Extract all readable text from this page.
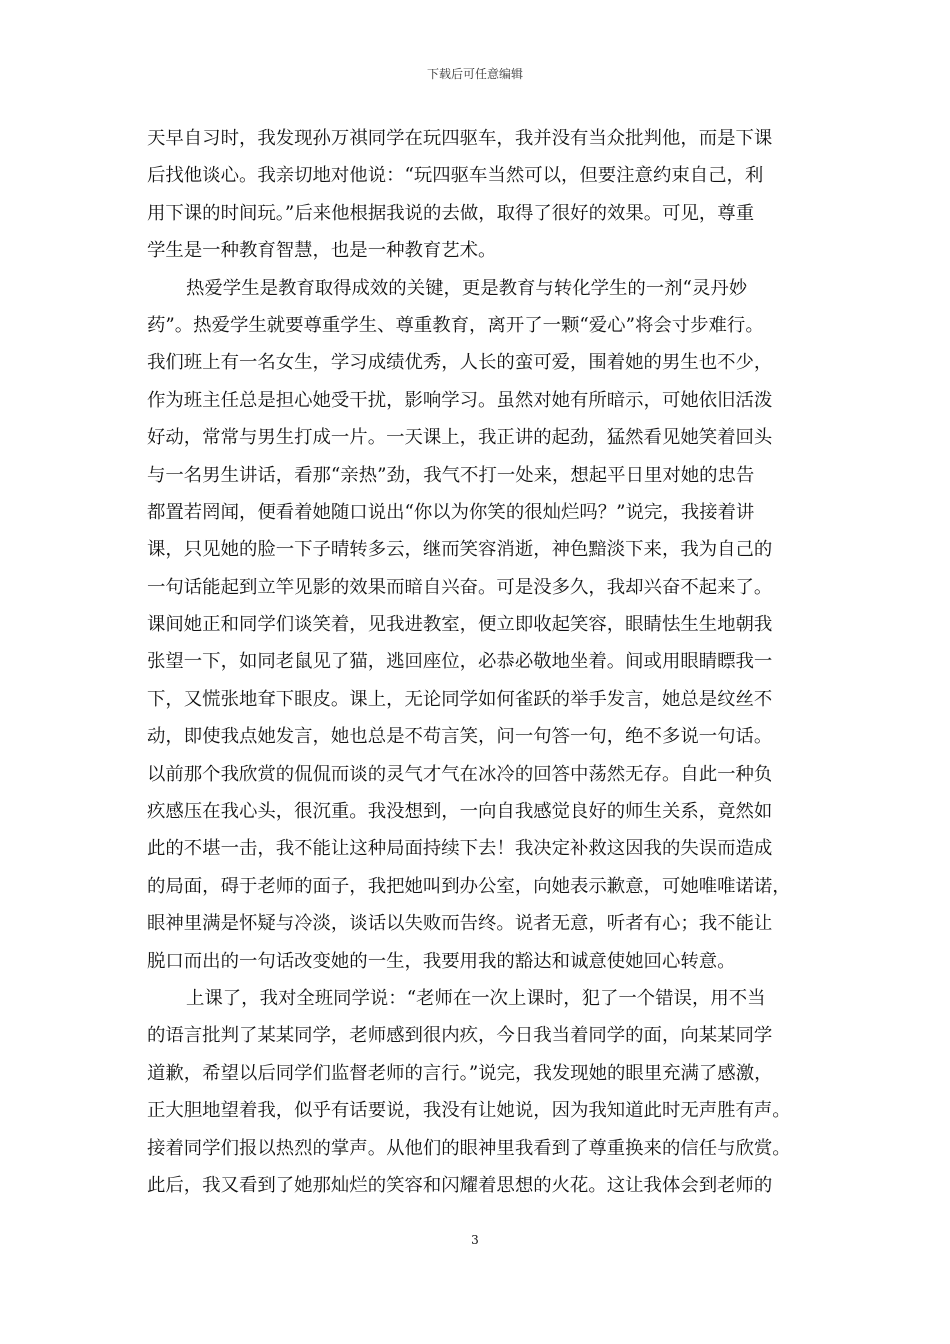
下载后可任意编辑
天早自习时，我发现孙万祺同学在玩四驱车，我并没有当众批判他，而是下课
后找他谈心。我亲切地对他说：“玩四驱车当然可以，但要注意约束自己，利
用下课的时间玩。”后来他根据我说的去做，取得了很好的效果。可见，尊重
学生是一种教育智慧，也是一种教育艺术。
热爱学生是教育取得成效的关键，更是教育与转化学生的一剂“灵丹妙
药”。热爱学生就要尊重学生、尊重教育，离开了一颗“爱心”将会寸步难行。
我们班上有一名女生，学习成绩优秀，人长的蛮可爱，围着她的男生也不少，
作为班主任总是担心她受干扰，影响学习。虽然对她有所暗示，可她依旧活泼
好动，常常与男生打成一片。一天课上，我正讲的起劲，猛然看见她笑着回头
与一名男生讲话，看那“亲热”劲，我气不打一处来，想起平日里对她的忠告
都置若罔闻，便看着她随口说出“你以为你笑的很灿烂吗？”说完，我接着讲
课，只见她的脸一下子晴转多云，继而笑容消逝，神色黯淡下来，我为自己的
一句话能起到立竿见影的效果而暗自兴奋。可是没多久，我却兴奋不起来了。
课间她正和同学们谈笑着，见我进教室，便立即收起笑容，眼睛怯生生地朝我
张望一下，如同老鼠见了猫，逃回座位，必恭必敬地坐着。间或用眼睛瞟我一
下，又慌张地耷下眼皮。课上，无论同学如何雀跃的举手发言，她总是纹丝不
动，即使我点她发言，她也总是不苟言笑，问一句答一句，绝不多说一句话。
以前那个我欣赏的侃侃而谈的灵气才气在冰冷的回答中荡然无存。自此一种负
疚感压在我心头，很沉重。我没想到，一向自我感觉良好的师生关系，竟然如
此的不堪一击，我不能让这种局面持续下去！我决定补救这因我的失误而造成
的局面，碍于老师的面子，我把她叫到办公室，向她表示歉意，可她唯唯诺诺，
眼神里满是怀疑与冷淡，谈话以失败而告终。说者无意，听者有心；我不能让
脱口而出的一句话改变她的一生，我要用我的豁达和诚意使她回心转意。
上课了，我对全班同学说：“老师在一次上课时，犯了一个错误，用不当
的语言批判了某某同学，老师感到很内疚，今日我当着同学的面，向某某同学
道歉，希望以后同学们监督老师的言行。”说完，我发现她的眼里充满了感激，
正大胆地望着我，似乎有话要说，我没有让她说，因为我知道此时无声胜有声。
接着同学们报以热烈的掌声。从他们的眼神里我看到了尊重换来的信任与欣赏。
此后，我又看到了她那灿烂的笑容和闪耀着思想的火花。这让我体会到老师的
3
